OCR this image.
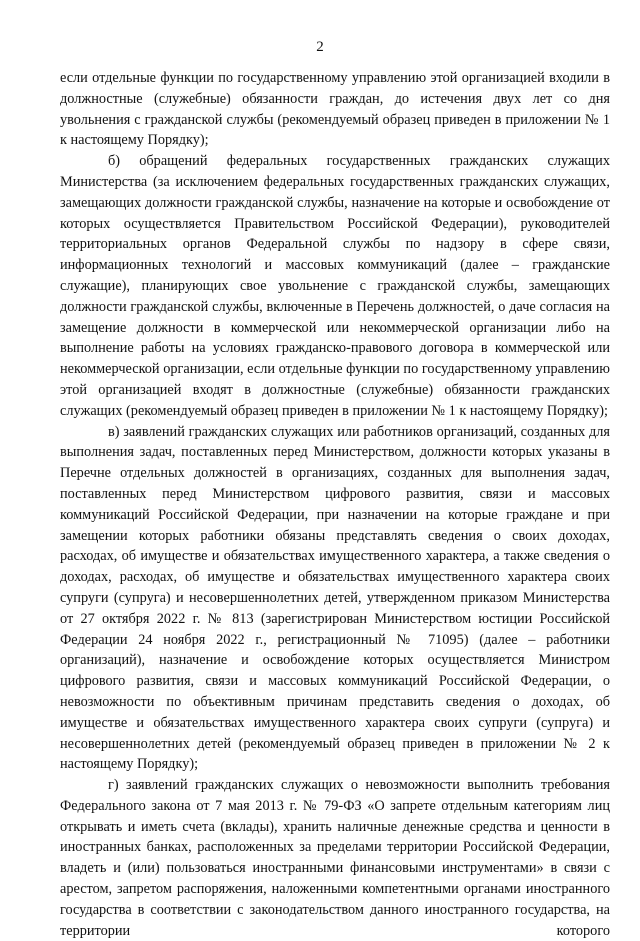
2

если отдельные функции по государственному управлению этой организацией входили в должностные (служебные) обязанности граждан, до истечения двух лет со дня увольнения с гражданской службы (рекомендуемый образец приведен в приложении № 1 к настоящему Порядку);

б) обращений федеральных государственных гражданских служащих Министерства (за исключением федеральных государственных гражданских служащих, замещающих должности гражданской службы, назначение на которые и освобождение от которых осуществляется Правительством Российской Федерации), руководителей территориальных органов Федеральной службы по надзору в сфере связи, информационных технологий и массовых коммуникаций (далее – гражданские служащие), планирующих свое увольнение с гражданской службы, замещающих должности гражданской службы, включенные в Перечень должностей, о даче согласия на замещение должности в коммерческой или некоммерческой организации либо на выполнение работы на условиях гражданско-правового договора в коммерческой или некоммерческой организации, если отдельные функции по государственному управлению этой организацией входят в должностные (служебные) обязанности гражданских служащих (рекомендуемый образец приведен в приложении № 1 к настоящему Порядку);

в) заявлений гражданских служащих или работников организаций, созданных для выполнения задач, поставленных перед Министерством, должности которых указаны в Перечне отдельных должностей в организациях, созданных для выполнения задач, поставленных перед Министерством цифрового развития, связи и массовых коммуникаций Российской Федерации, при назначении на которые граждане и при замещении которых работники обязаны представлять сведения о своих доходах, расходах, об имуществе и обязательствах имущественного характера, а также сведения о доходах, расходах, об имуществе и обязательствах имущественного характера своих супруги (супруга) и несовершеннолетних детей, утвержденном приказом Министерства от 27 октября 2022 г. № 813 (зарегистрирован Министерством юстиции Российской Федерации 24 ноября 2022 г., регистрационный № 71095) (далее – работники организаций), назначение и освобождение которых осуществляется Министром цифрового развития, связи и массовых коммуникаций Российской Федерации, о невозможности по объективным причинам представить сведения о доходах, об имуществе и обязательствах имущественного характера своих супруги (супруга) и несовершеннолетних детей (рекомендуемый образец приведен в приложении № 2 к настоящему Порядку);

г) заявлений гражданских служащих о невозможности выполнить требования Федерального закона от 7 мая 2013 г. № 79-ФЗ «О запрете отдельным категориям лиц открывать и иметь счета (вклады), хранить наличные денежные средства и ценности в иностранных банках, расположенных за пределами территории Российской Федерации, владеть и (или) пользоваться иностранными финансовыми инструментами» в связи с арестом, запретом распоряжения, наложенными компетентными органами иностранного государства в соответствии с законодательством данного иностранного государства, на территории которого
